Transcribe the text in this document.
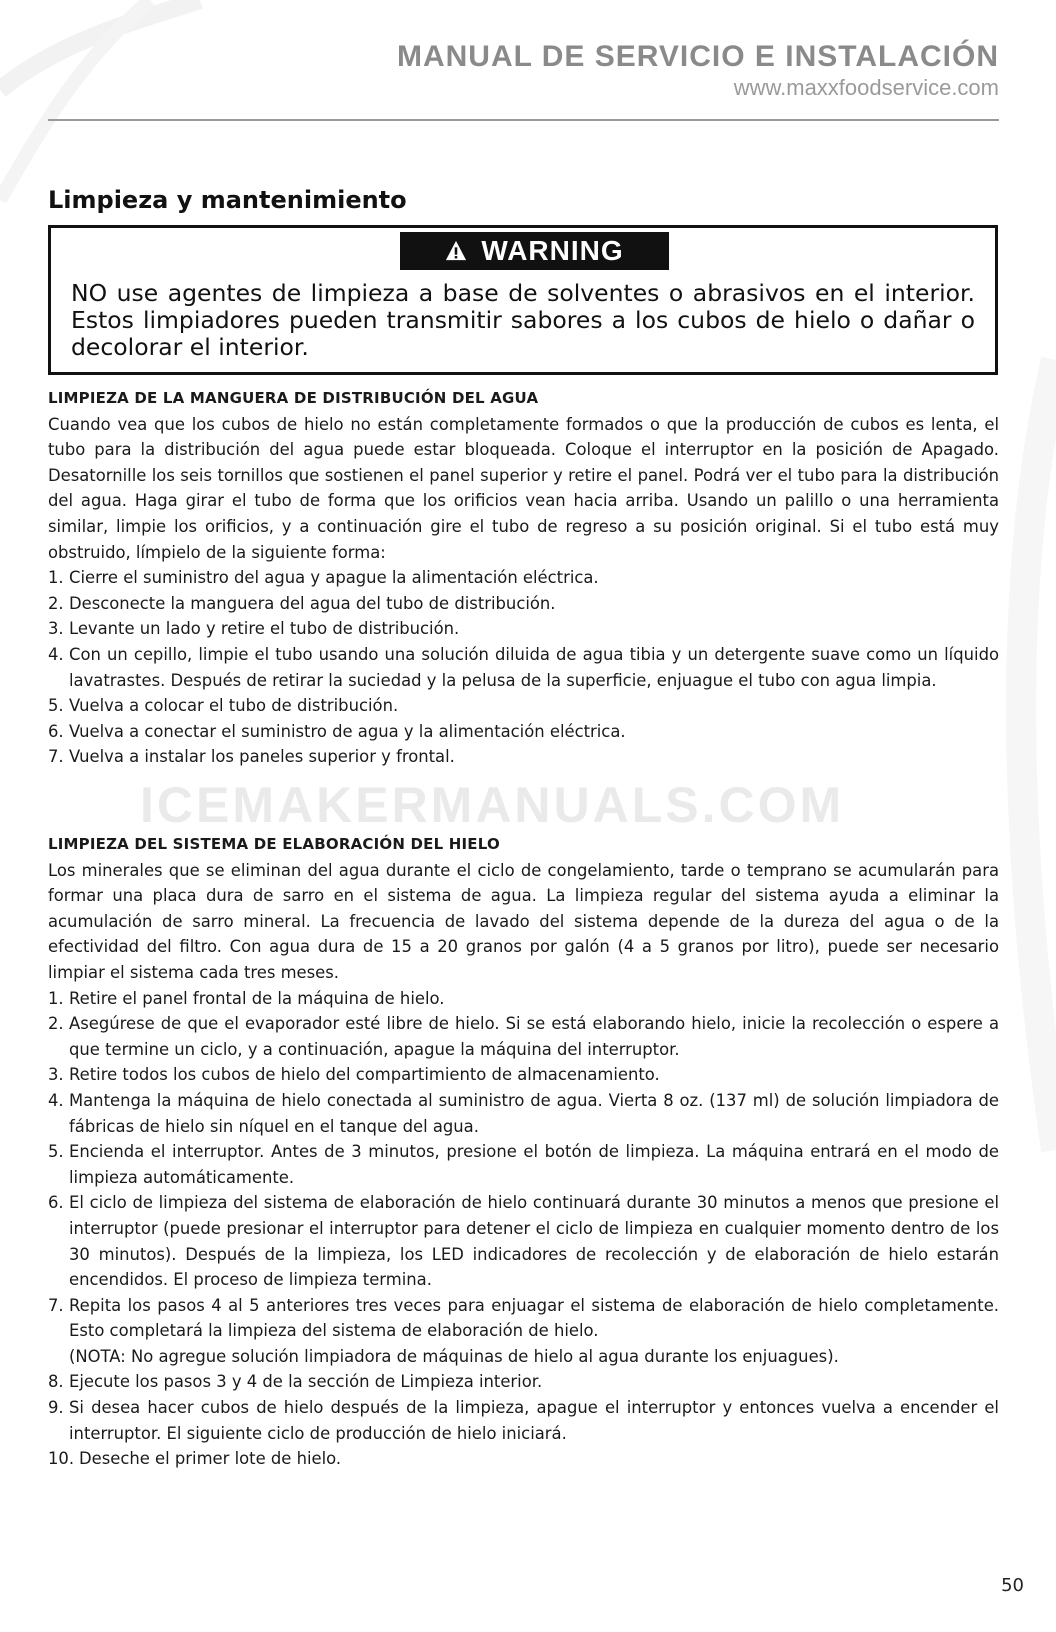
MANUAL DE SERVICIO E INSTALACIÓN
www.maxxfoodservice.com
Limpieza y mantenimiento
WARNING
NO use agentes de limpieza a base de solventes o abrasivos en el interior. Estos limpiadores pueden transmitir sabores a los cubos de hielo o dañar o decolorar el interior.

LIMPIEZA DE LA MANGUERA DE DISTRIBUCIÓN DEL AGUA

Cuando vea que los cubos de hielo no están completamente formados o que la producción de cubos es lenta, el tubo para la distribución del agua puede estar bloqueada. Coloque el interruptor en la posición de Apagado. Desatornille los seis tornillos que sostienen el panel superior y retire el panel. Podrá ver el tubo para la distribución del agua. Haga girar el tubo de forma que los orificios vean hacia arriba. Usando un palillo o una herramienta similar, limpie los orificios, y a continuación gire el tubo de regreso a su posición original. Si el tubo está muy obstruido, límpielo de la siguiente forma:

1. Cierre el suministro del agua y apague la alimentación eléctrica.
2. Desconecte la manguera del agua del tubo de distribución.
3. Levante un lado y retire el tubo de distribución.
4. Con un cepillo, limpie el tubo usando una solución diluida de agua tibia y un detergente suave como un líquido lavatrastes. Después de retirar la suciedad y la pelusa de la superficie, enjuague el tubo con agua limpia.
5. Vuelva a colocar el tubo de distribución.
6. Vuelva a conectar el suministro de agua y la alimentación eléctrica.
7. Vuelva a instalar los paneles superior y frontal.

LIMPIEZA DEL SISTEMA DE ELABORACIÓN DEL HIELO

Los minerales que se eliminan del agua durante el ciclo de congelamiento, tarde o temprano se acumularán para formar una placa dura de sarro en el sistema de agua. La limpieza regular del sistema ayuda a eliminar la acumulación de sarro mineral. La frecuencia de lavado del sistema depende de la dureza del agua o de la efectividad del filtro. Con agua dura de 15 a 20 granos por galón (4 a 5 granos por litro), puede ser necesario limpiar el sistema cada tres meses.

1. Retire el panel frontal de la máquina de hielo.
2. Asegúrese de que el evaporador esté libre de hielo. Si se está elaborando hielo, inicie la recolección o espere a que termine un ciclo, y a continuación, apague la máquina del interruptor.
3. Retire todos los cubos de hielo del compartimiento de almacenamiento.
4. Mantenga la máquina de hielo conectada al suministro de agua. Vierta 8 oz. (137 ml) de solución limpiadora de fábricas de hielo sin níquel en el tanque del agua.
5. Encienda el interruptor. Antes de 3 minutos, presione el botón de limpieza. La máquina entrará en el modo de limpieza automáticamente.
6. El ciclo de limpieza del sistema de elaboración de hielo continuará durante 30 minutos a menos que presione el interruptor (puede presionar el interruptor para detener el ciclo de limpieza en cualquier momento dentro de los 30 minutos). Después de la limpieza, los LED indicadores de recolección y de elaboración de hielo estarán encendidos. El proceso de limpieza termina.
7. Repita los pasos 4 al 5 anteriores tres veces para enjuagar el sistema de elaboración de hielo completamente. Esto completará la limpieza del sistema de elaboración de hielo.
(NOTA: No agregue solución limpiadora de máquinas de hielo al agua durante los enjuagues).
8. Ejecute los pasos 3 y 4 de la sección de Limpieza interior.
9. Si desea hacer cubos de hielo después de la limpieza, apague el interruptor y entonces vuelva a encender el interruptor. El siguiente ciclo de producción de hielo iniciará.
10. Deseche el primer lote de hielo.
ICEMAKERMANUALS.COM
50
